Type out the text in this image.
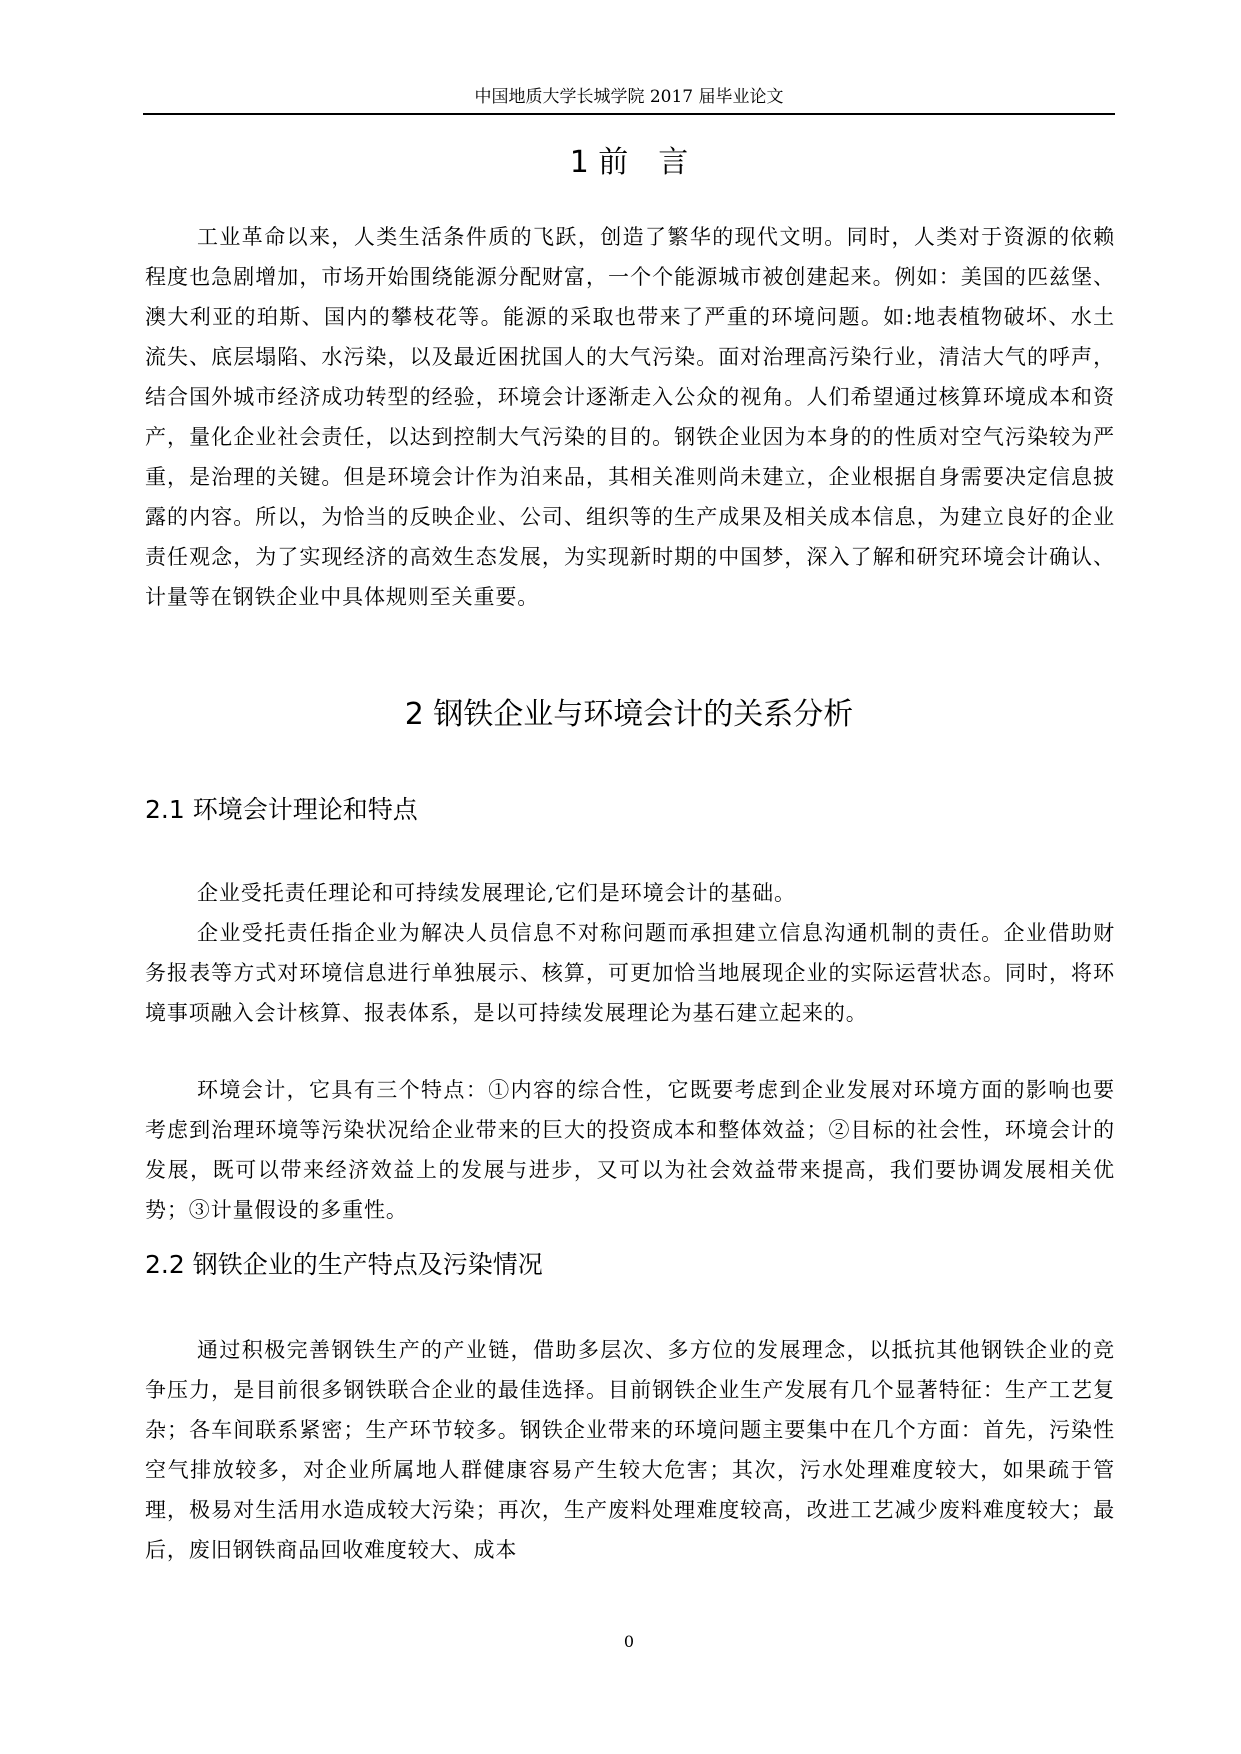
中国地质大学长城学院 2017 届毕业论文
1 前　言
工业革命以来，人类生活条件质的飞跃，创造了繁华的现代文明。同时，人类对于资源的依赖程度也急剧增加，市场开始围绕能源分配财富，一个个能源城市被创建起来。例如：美国的匹兹堡、澳大利亚的珀斯、国内的攀枝花等。能源的采取也带来了严重的环境问题。如:地表植物破坏、水土流失、底层塌陷、水污染，以及最近困扰国人的大气污染。面对治理高污染行业，清洁大气的呼声，结合国外城市经济成功转型的经验，环境会计逐渐走入公众的视角。人们希望通过核算环境成本和资产，量化企业社会责任，以达到控制大气污染的目的。钢铁企业因为本身的的性质对空气污染较为严重，是治理的关键。但是环境会计作为泊来品，其相关准则尚未建立，企业根据自身需要决定信息披露的内容。所以，为恰当的反映企业、公司、组织等的生产成果及相关成本信息，为建立良好的企业责任观念，为了实现经济的高效生态发展，为实现新时期的中国梦，深入了解和研究环境会计确认、计量等在钢铁企业中具体规则至关重要。
2 钢铁企业与环境会计的关系分析
2.1 环境会计理论和特点
企业受托责任理论和可持续发展理论,它们是环境会计的基础。
企业受托责任指企业为解决人员信息不对称问题而承担建立信息沟通机制的责任。企业借助财务报表等方式对环境信息进行单独展示、核算，可更加恰当地展现企业的实际运营状态。同时，将环境事项融入会计核算、报表体系，是以可持续发展理论为基石建立起来的。
环境会计，它具有三个特点：①内容的综合性，它既要考虑到企业发展对环境方面的影响也要考虑到治理环境等污染状况给企业带来的巨大的投资成本和整体效益；②目标的社会性，环境会计的发展，既可以带来经济效益上的发展与进步，又可以为社会效益带来提高，我们要协调发展相关优势；③计量假设的多重性。
2.2 钢铁企业的生产特点及污染情况
通过积极完善钢铁生产的产业链，借助多层次、多方位的发展理念，以抵抗其他钢铁企业的竞争压力，是目前很多钢铁联合企业的最佳选择。目前钢铁企业生产发展有几个显著特征：生产工艺复杂；各车间联系紧密；生产环节较多。钢铁企业带来的环境问题主要集中在几个方面：首先，污染性空气排放较多，对企业所属地人群健康容易产生较大危害；其次，污水处理难度较大，如果疏于管理，极易对生活用水造成较大污染；再次，生产废料处理难度较高，改进工艺减少废料难度较大；最后，废旧钢铁商品回收难度较大、成本
0
